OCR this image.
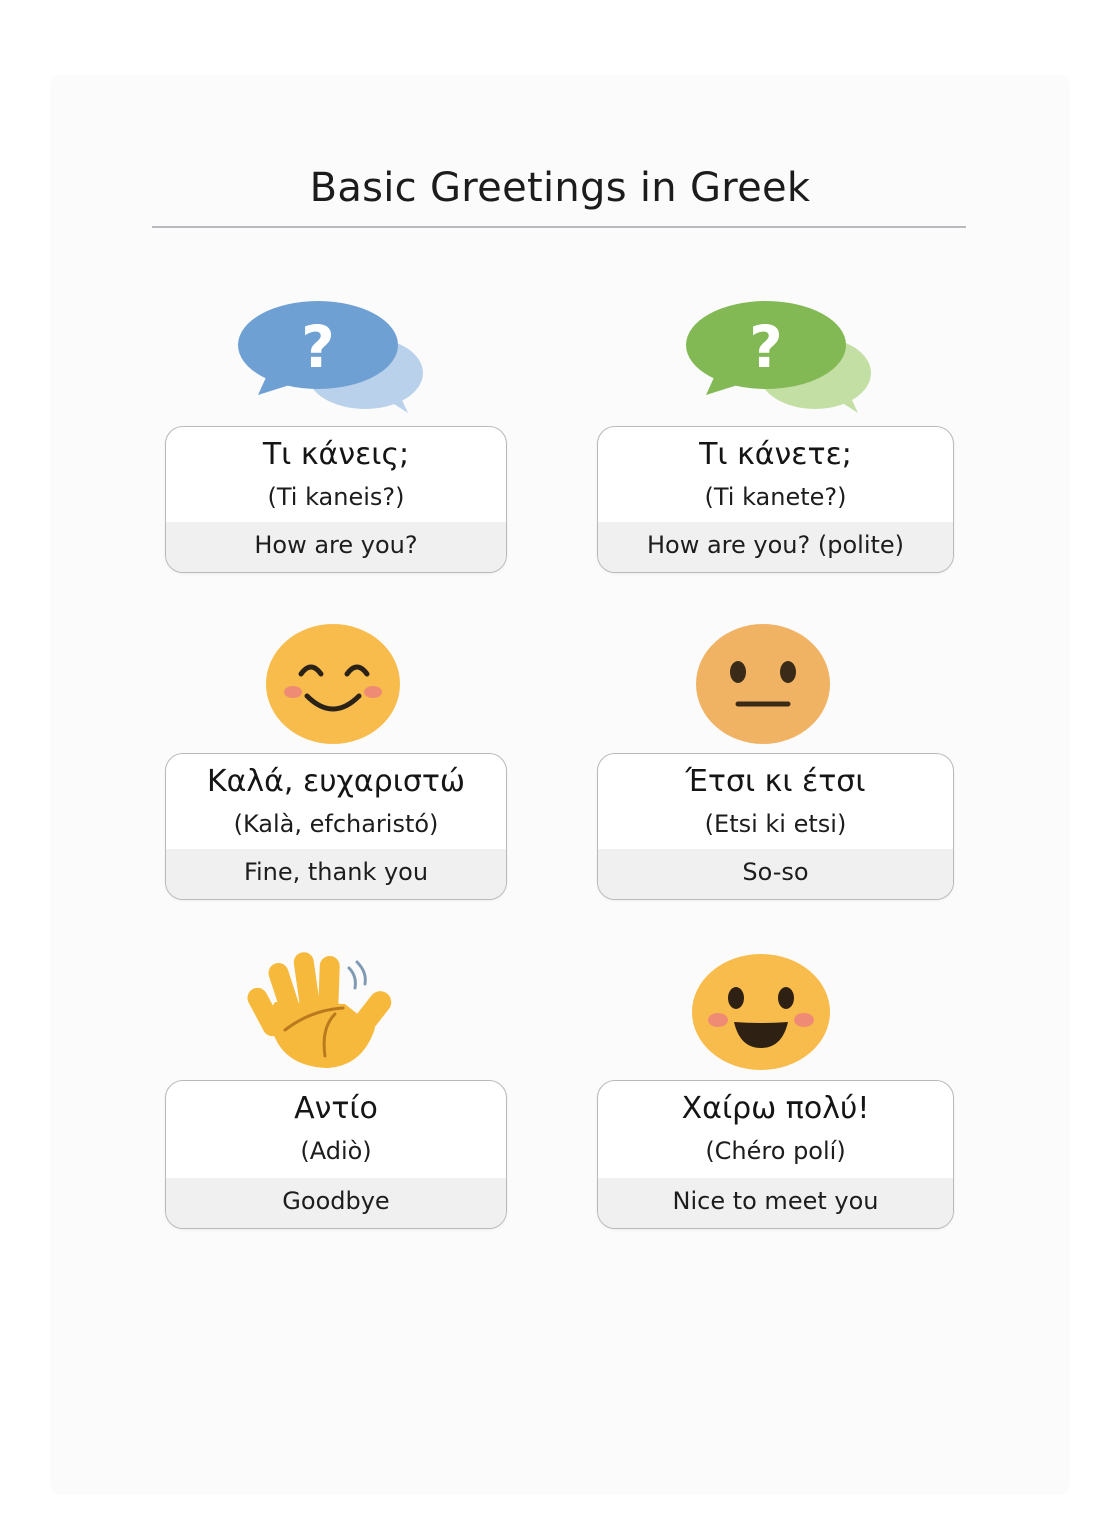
Basic Greetings in Greek
?
Τι κάνεις;
(Ti kaneis?)
How are you?
?
Τι κάνετε;
(Ti kanete?)
How are you? (polite)
Καλά, ευχαριστώ
(Kalà, efcharistó)
Fine, thank you
Έτσι κι έτσι
(Etsi ki etsi)
So-so
Αντίο
(Adiò)
Goodbye
Χαίρω πολύ!
(Chéro polí)
Nice to meet you
